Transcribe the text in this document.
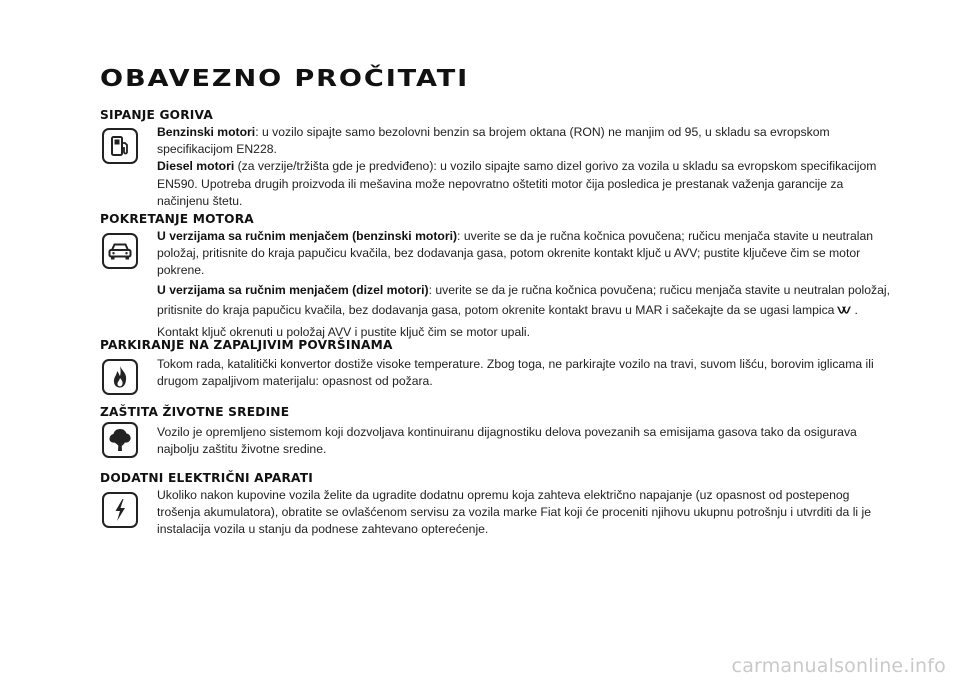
OBAVEZNO PROČITATI
SIPANJE GORIVA

Benzinski motori: u vozilo sipajte samo bezolovni benzin sa brojem oktana (RON) ne manjim od 95, u skladu sa evropskom specifikacijom EN228.

Diesel motori (za verzije/tržišta gde je predviđeno): u vozilo sipajte samo dizel gorivo za vozila u skladu sa evropskom specifikacijom EN590. Upotreba drugih proizvoda ili mešavina može nepovratno oštetiti motor čija posledica je prestanak važenja garancije za načinjenu štetu.

POKRETANJE MOTORA

U verzijama sa ručnim menjačem (benzinski motori): uverite se da je ručna kočnica povučena; ručicu menjača stavite u neutralan položaj, pritisnite do kraja papučicu kvačila, bez dodavanja gasa, potom okrenite kontakt ključ u AVV; pustite ključeve čim se motor pokrene.

U verzijama sa ručnim menjačem (dizel motori): uverite se da je ručna kočnica povučena; ručicu menjača stavite u neutralan položaj, pritisnite do kraja papučicu kvačila, bez dodavanja gasa, potom okrenite kontakt bravu u MAR i sačekajte da se ugasi lampica . Kontakt ključ okrenuti u položaj AVV i pustite ključ čim se motor upali.

PARKIRANJE NA ZAPALJIVIM POVRŠINAMA

Tokom rada, katalitički konvertor dostiže visoke temperature. Zbog toga, ne parkirajte vozilo na travi, suvom lišću, borovim iglicama ili drugom zapaljivom materijalu: opasnost od požara.

ZAŠTITA ŽIVOTNE SREDINE

Vozilo je opremljeno sistemom koji dozvoljava kontinuiranu dijagnostiku delova povezanih sa emisijama gasova tako da osigurava najbolju zaštitu životne sredine.

DODATNI ELEKTRIČNI APARATI

Ukoliko nakon kupovine vozila želite da ugradite dodatnu opremu koja zahteva električno napajanje (uz opasnost od postepenog trošenja akumulatora), obratite se ovlašćenom servisu za vozila marke Fiat koji će proceniti njihovu ukupnu potrošnju i utvrditi da li je instalacija vozila u stanju da podnese zahtevano opterećenje.

carmanualsonline.info
